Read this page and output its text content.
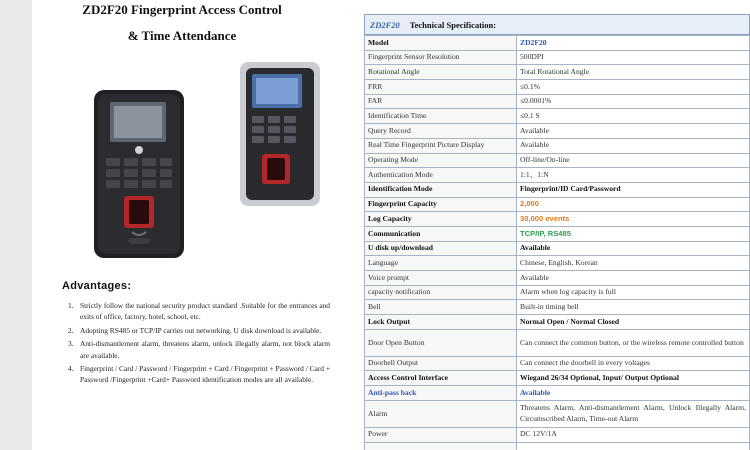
ZD2F20 Fingerprint Access Control
& Time Attendance
Advantages:
1. Strictly follow the national security product standard .Suitable for the entrances and exits of office, factory, hotel, school, etc.
2. Adopting RS485 or TCP/IP carries out networking. U disk download is available.
3. Anti-dismantlement alarm, threatens alarm, unlock illegally alarm, not block alarm are available.
4. Fingerprint / Card / Password / Fingerprint + Card / Fingerprint + Password / Card + Password /Fingerprint +Card+ Password identification modes are all available.
ZD2F20 Technical Specification:
Model	ZD2F20
Fingerprint Sensor Resolution	500DPI
Rotational Angle	Total Rotational Angle
FRR	≤0.1%
FAR	≤0.0001%
Identification Time	≤0.1 S
Query Record	Available
Real Time Fingerprint Picture Display	Available
Operating Mode	Off-line/On-line
Authentication Mode	1:1、1:N
Identification Mode	Fingerprint/ID Card/Password
Fingerprint Capacity	2,000
Log Capacity	30,000 events
Communication	TCP/IP, RS485
U disk up/download	Available
Language	Chinese, English, Korean
Voice prompt	Available
capacity notification	Alarm when log capacity is full
Bell	Built-in timing bell
Lock Output	Normal Open / Normal Closed
Door Open Button	Can connect the common button, or the wireless remote controlled button
Doorbell Output	Can connect the doorbell in every voltages
Access Control Interface	Wiegand 26/34 Optional, Input/ Output Optional
Anti-pass back	Available
Alarm	Threatens Alarm, Anti-dismantlement Alarm, Unlock Illegally Alarm, Circumscribed Alarm, Time-out Alarm
Power	DC 12V/1A
